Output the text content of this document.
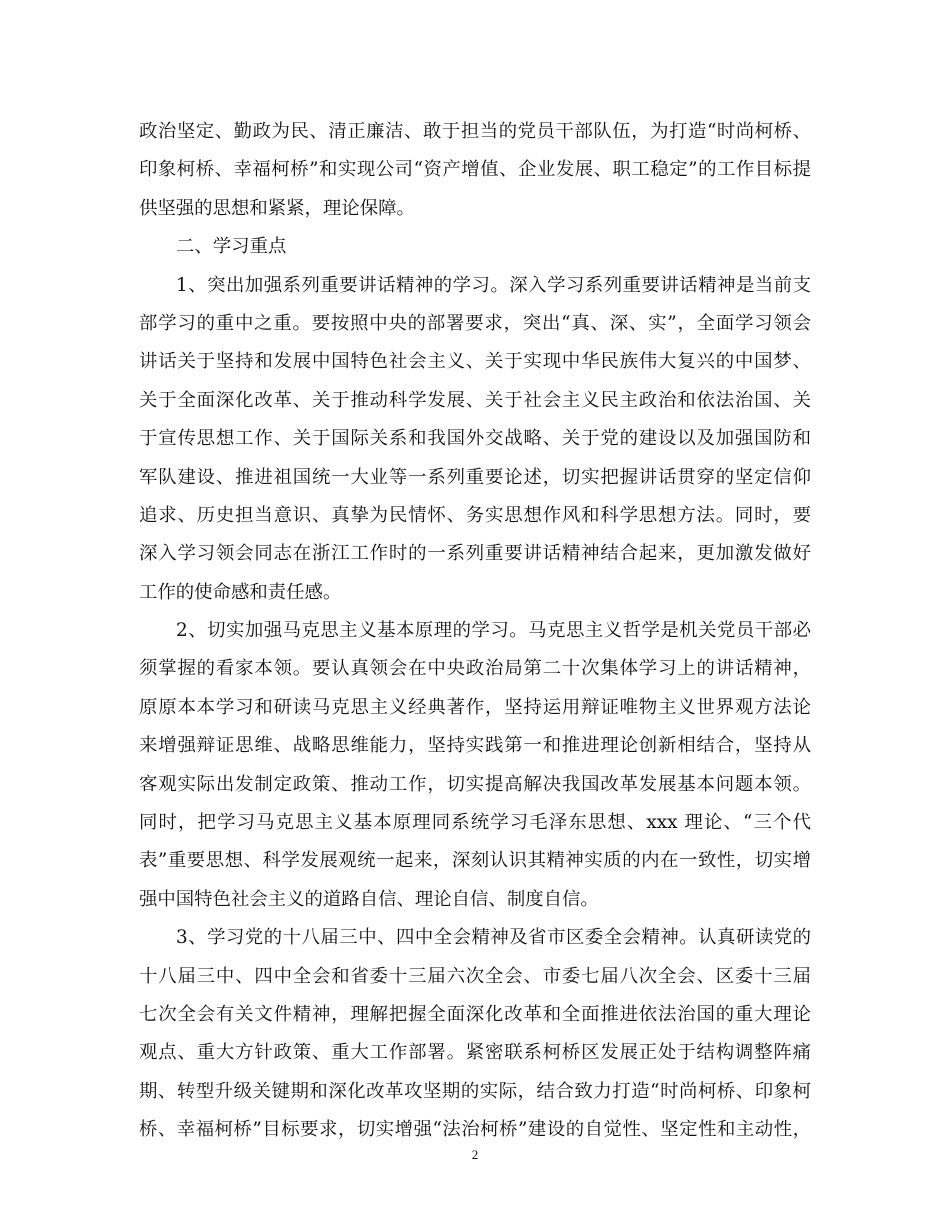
政治坚定、勤政为民、清正廉洁、敢于担当的党员干部队伍，为打造“时尚柯桥、
印象柯桥、幸福柯桥”和实现公司“资产增值、企业发展、职工稳定”的工作目标提
供坚强的思想和紧紧，理论保障。
二、学习重点
1、突出加强系列重要讲话精神的学习。深入学习系列重要讲话精神是当前支
部学习的重中之重。要按照中央的部署要求，突出“真、深、实”，全面学习领会
讲话关于坚持和发展中国特色社会主义、关于实现中华民族伟大复兴的中国梦、
关于全面深化改革、关于推动科学发展、关于社会主义民主政治和依法治国、关
于宣传思想工作、关于国际关系和我国外交战略、关于党的建设以及加强国防和
军队建设、推进祖国统一大业等一系列重要论述，切实把握讲话贯穿的坚定信仰
追求、历史担当意识、真挚为民情怀、务实思想作风和科学思想方法。同时，要
深入学习领会同志在浙江工作时的一系列重要讲话精神结合起来，更加激发做好
工作的使命感和责任感。
2、切实加强马克思主义基本原理的学习。马克思主义哲学是机关党员干部必
须掌握的看家本领。要认真领会在中央政治局第二十次集体学习上的讲话精神，
原原本本学习和研读马克思主义经典著作，坚持运用辩证唯物主义世界观方法论
来增强辩证思维、战略思维能力，坚持实践第一和推进理论创新相结合，坚持从
客观实际出发制定政策、推动工作，切实提高解决我国改革发展基本问题本领。
同时，把学习马克思主义基本原理同系统学习毛泽东思想、xxx 理论、“三个代
表”重要思想、科学发展观统一起来，深刻认识其精神实质的内在一致性，切实增
强中国特色社会主义的道路自信、理论自信、制度自信。
3、学习党的十八届三中、四中全会精神及省市区委全会精神。认真研读党的
十八届三中、四中全会和省委十三届六次全会、市委七届八次全会、区委十三届
七次全会有关文件精神，理解把握全面深化改革和全面推进依法治国的重大理论
观点、重大方针政策、重大工作部署。紧密联系柯桥区发展正处于结构调整阵痛
期、转型升级关键期和深化改革攻坚期的实际，结合致力打造“时尚柯桥、印象柯
桥、幸福柯桥”目标要求，切实增强“法治柯桥”建设的自觉性、坚定性和主动性，
2
